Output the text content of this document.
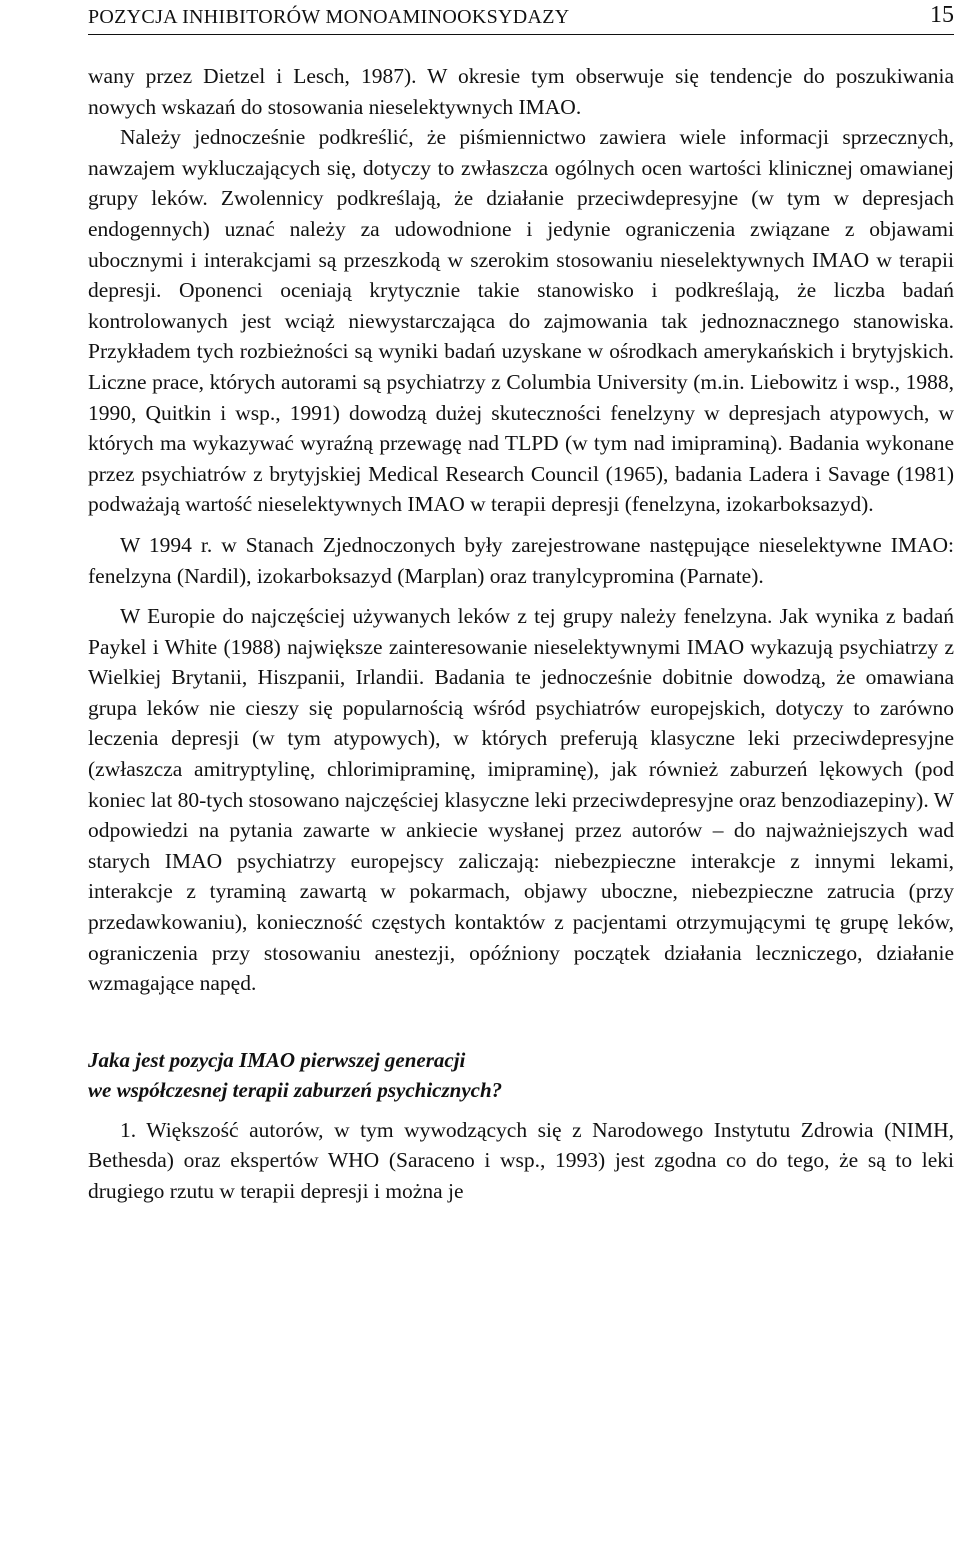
POZYCJA INHIBITORÓW MONOAMINOOKSYDAZY	15

wany przez Dietzel i Lesch, 1987). W okresie tym obserwuje się tendencje do poszukiwania nowych wskazań do stosowania nieselektywnych IMAO.

Należy jednocześnie podkreślić, że piśmiennictwo zawiera wiele informacji sprzecznych, nawzajem wykluczających się, dotyczy to zwłaszcza ogólnych ocen wartości klinicznej omawianej grupy leków. Zwolennicy podkreślają, że działanie przeciwdepresyjne (w tym w depresjach endogennych) uznać należy za udowodnione i jedynie ograniczenia związane z objawami ubocznymi i interakcjami są przeszkodą w szerokim stosowaniu nieselektywnych IMAO w terapii depresji. Oponenci oceniają krytycznie takie stanowisko i podkreślają, że liczba badań kontrolowanych jest wciąż niewystarczająca do zajmowania tak jednoznacznego stanowiska. Przykładem tych rozbieżności są wyniki badań uzyskane w ośrodkach amerykańskich i brytyjskich. Liczne prace, których autorami są psychiatrzy z Columbia University (m.in. Liebowitz i wsp., 1988, 1990, Quitkin i wsp., 1991) dowodzą dużej skuteczności fenelzyny w depresjach atypowych, w których ma wykazywać wyraźną przewagę nad TLPD (w tym nad imipraminą). Badania wykonane przez psychiatrów z brytyjskiej Medical Research Council (1965), badania Ladera i Savage (1981) podważają wartość nieselektywnych IMAO w terapii depresji (fenelzyna, izokarboksazyd).

W 1994 r. w Stanach Zjednoczonych były zarejestrowane następujące nieselektywne IMAO: fenelzyna (Nardil), izokarboksazyd (Marplan) oraz tranylcypromina (Parnate).

W Europie do najczęściej używanych leków z tej grupy należy fenelzyna. Jak wynika z badań Paykel i White (1988) największe zainteresowanie nieselektywnymi IMAO wykazują psychiatrzy z Wielkiej Brytanii, Hiszpanii, Irlandii. Badania te jednocześnie dobitnie dowodzą, że omawiana grupa leków nie cieszy się popularnością wśród psychiatrów europejskich, dotyczy to zarówno leczenia depresji (w tym atypowych), w których preferują klasyczne leki przeciwdepresyjne (zwłaszcza amitryptylinę, chlorimipraminę, imipraminę), jak również zaburzeń lękowych (pod koniec lat 80-tych stosowano najczęściej klasyczne leki przeciwdepresyjne oraz benzodiazepiny). W odpowiedzi na pytania zawarte w ankiecie wysłanej przez autorów – do najważniejszych wad starych IMAO psychiatrzy europejscy zaliczają: niebezpieczne interakcje z innymi lekami, interakcje z tyraminą zawartą w pokarmach, objawy uboczne, niebezpieczne zatrucia (przy przedawkowaniu), konieczność częstych kontaktów z pacjentami otrzymującymi tę grupę leków, ograniczenia przy stosowaniu anestezji, opóźniony początek działania leczniczego, działanie wzmagające napęd.

Jaka jest pozycja IMAO pierwszej generacji
we współczesnej terapii zaburzeń psychicznych?

1. Większość autorów, w tym wywodzących się z Narodowego Instytutu Zdrowia (NIMH, Bethesda) oraz ekspertów WHO (Saraceno i wsp., 1993) jest zgodna co do tego, że są to leki drugiego rzutu w terapii depresji i można je
